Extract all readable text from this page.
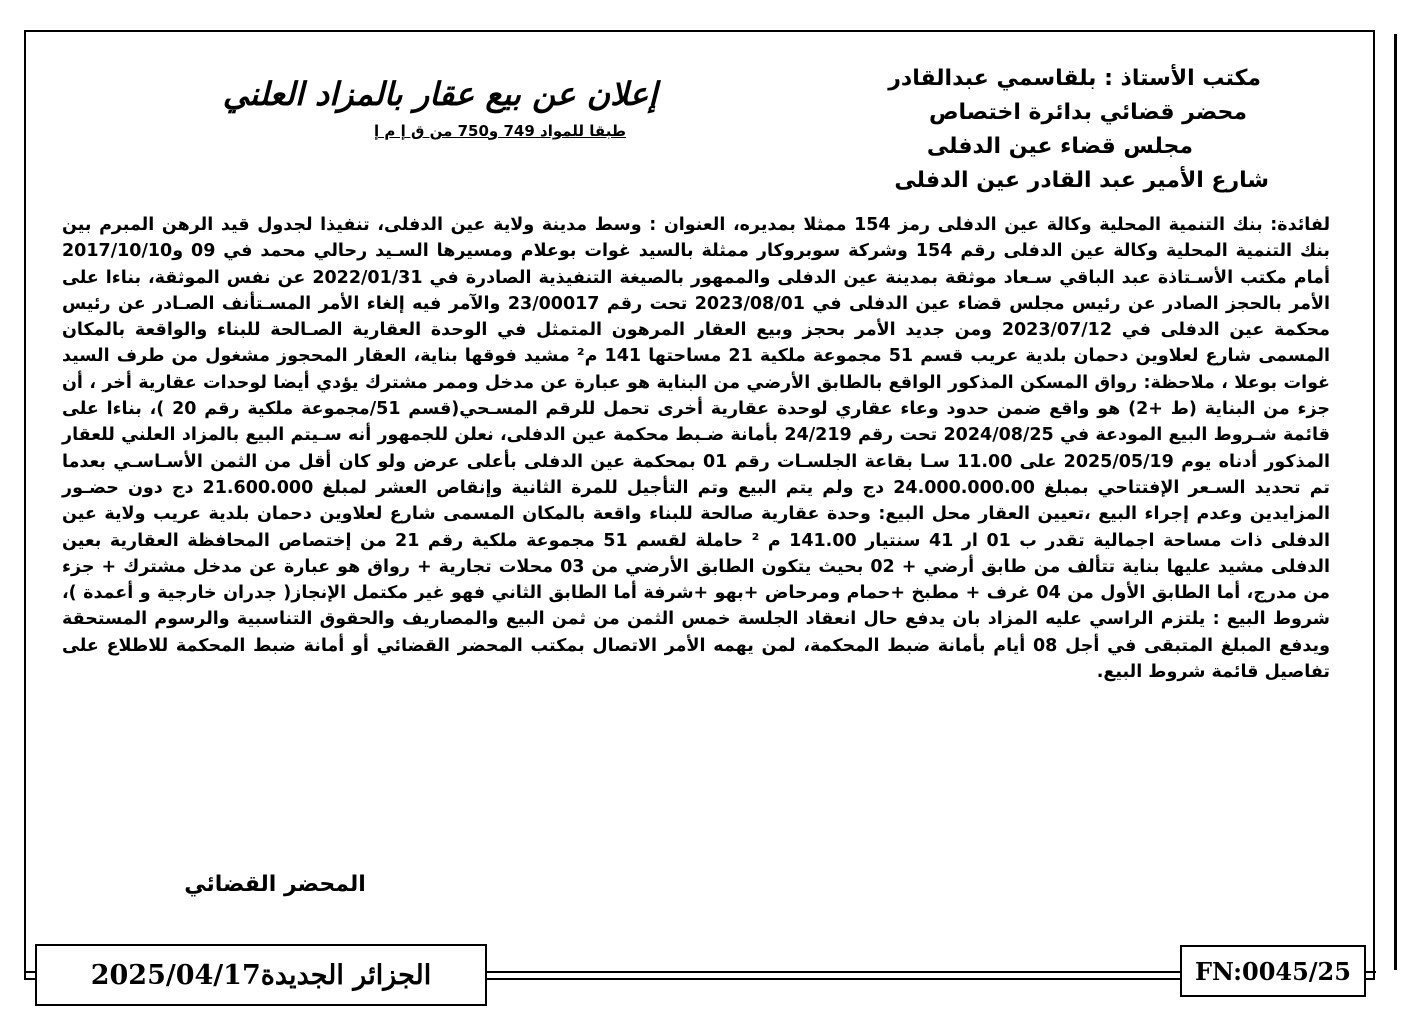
مكتب الأستاذ : بلقاسمي عبدالقادر
محضر قضائي بدائرة اختصاص
مجلس قضاء عين الدفلى
شارع الأمير عبد القادر عين الدفلى
إعلان عن بيع عقار بالمزاد العلني
طبقا للمواد 749 و750 من ق إ م إ
لفائدة: بنك التنمية المحلية وكالة عين الدفلى رمز 154 ممثلا بمديره، العنوان : وسط مدينة ولاية عين الدفلى، تنفيذا لجدول قيد الرهن المبرم بين بنك التنمية المحلية وكالة عين الدفلى رقم 154 وشركة سوبروكار ممثلة بالسيد غوات بوعلام ومسيرها السـيد رحالي محمد في 09 و2017/10/10 أمام مكتب الأسـتاذة عبد الباقي سـعاد موثقة بمدينة عين الدفلى والممهور بالصيغة التنفيذية الصادرة في 2022/01/31 عن نفس الموثقة، بناءا على الأمر بالحجز الصادر عن رئيس مجلس قضاء عين الدفلى في 2023/08/01 تحت رقم 23/00017 والآمر فيه إلغاء الأمر المسـتأنف الصـادر عن رئيس محكمة عين الدفلى في 2023/07/12 ومن جديد الأمر بحجز وبيع العقار المرهون المتمثل في الوحدة العقارية الصـالحة للبناء والواقعة بالمكان المسمى شارع لعلاوين دحمان بلدية عريب قسم 51 مجموعة ملكية 21 مساحتها 141 م² مشيد فوقها بناية، العقار المحجوز مشغول من طرف السيد غوات بوعلا ، ملاحظة: رواق المسكن المذكور الواقع بالطابق الأرضي من البناية هو عبارة عن مدخل وممر مشترك يؤدي أيضا لوحدات عقارية أخر ، أن جزء من البناية (ط +2) هو واقع ضمن حدود وعاء عقاري لوحدة عقارية أخرى تحمل للرقم المسـحي(قسم 51/مجموعة ملكية رقم 20 )، بناءا على قائمة شـروط البيع المودعة في 2024/08/25 تحت رقم 24/219 بأمانة ضـبط محكمة عين الدفلى، نعلن للجمهور أنه سـيتم البيع بالمزاد العلني للعقار المذكور أدناه يوم 2025/05/19 على 11.00 سـا بقاعة الجلسـات رقم 01 بمحكمة عين الدفلى بأعلى عرض ولو كان أقل من الثمن الأسـاسـي بعدما تم تحديد السـعر الإفتتاحي بمبلغ 24.000.000.00 دج ولم يتم البيع وتم التأجيل للمرة الثانية وإنقاص العشر لمبلغ 21.600.000 دج دون حضـور المزايدين وعدم إجراء البيع ،تعيين العقار محل البيع: وحدة عقارية صالحة للبناء واقعة بالمكان المسمى شارع لعلاوين دحمان بلدية عريب ولاية عين الدفلى ذات مساحة اجمالية تقدر ب 01 ار 41 سنتيار 141.00 م ² حاملة لقسم 51 مجموعة ملكية رقم 21 من إختصاص المحافظة العقارية بعين الدفلى مشيد عليها بناية تتألف من طابق أرضي + 02 بحيث يتكون الطابق الأرضي من 03 محلات تجارية + رواق هو عبارة عن مدخل مشترك + جزء من مدرج، أما الطابق الأول من 04 غرف + مطبخ +حمام ومرحاض +بهو +شرفة أما الطابق الثاني فهو غير مكتمل الإنجاز( جدران خارجية و أعمدة )، شروط البيع : يلتزم الراسي عليه المزاد بان يدفع حال انعقاد الجلسة خمس الثمن من ثمن البيع والمصاريف والحقوق التناسبية والرسوم المستحقة ويدفع المبلغ المتبقى في أجل 08 أيام بأمانة ضبط المحكمة، لمن يهمه الأمر الاتصال بمكتب المحضر القضائي أو أمانة ضبط المحكمة للاطلاع على تفاصيل قائمة شروط البيع.
المحضر القضائي
2025/04/17 الجزائر الجديدة	FN:0045/25
